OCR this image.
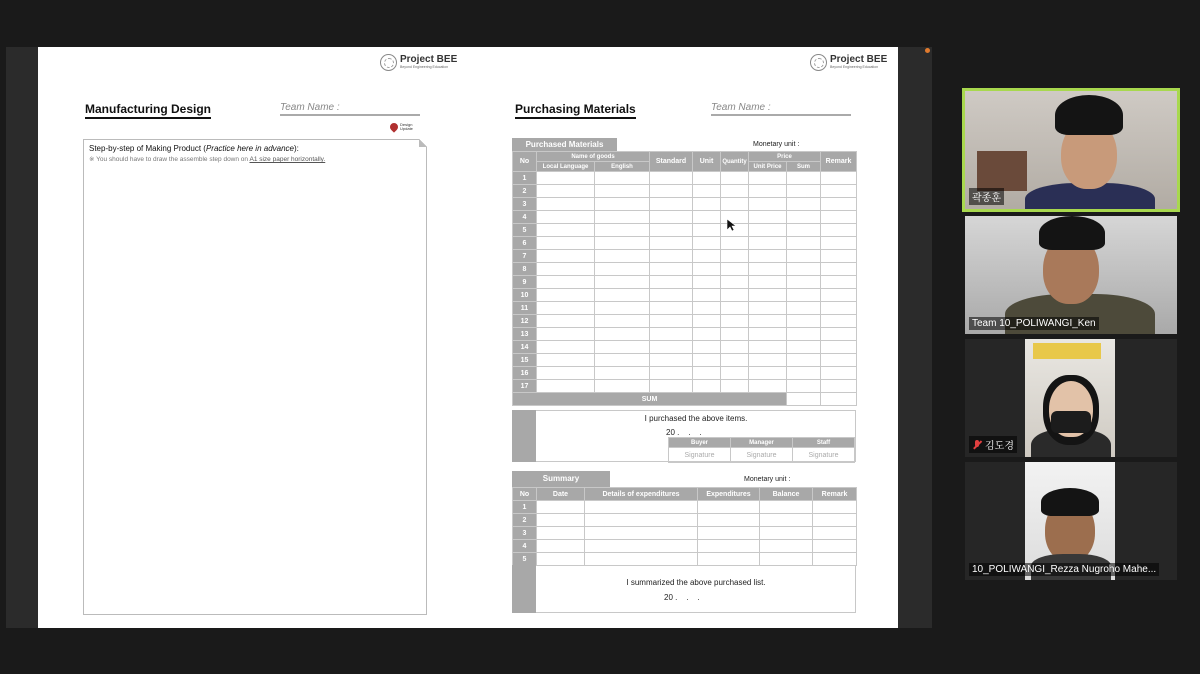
Project BEE
Beyond Engineering Education
Project BEE
Beyond Engineering Education
Manufacturing Design	Team Name :
Design
Update
Step-by-step of Making Product (Practice here in advance):
※ You should have to draw the assemble step down on A1 size paper horizontally.
Purchasing Materials	Team Name :
Purchased Materials	Monetary unit :
No	Name of goods		Standard	Unit	Quantity	Price		Remark
	Local Language	English				Unit Price	Sum	
1								
2								
3								
4								
5								
6								
7								
8								
9								
10								
11								
12								
13								
14								
15								
16								
17								
SUM								
I purchased the above items.
20 .    .    .
Buyer	Manager	Staff
Signature	Signature	Signature
Summary	Monetary unit :
No	Date	Details of expenditures	Expenditures	Balance	Remark
1					
2					
3					
4					
5					
I summarized the above purchased list.
20 .    .    .
곽종훈
Team 10_POLIWANGI_Ken
김도경
10_POLIWANGI_Rezza Nugroho Mahe...
